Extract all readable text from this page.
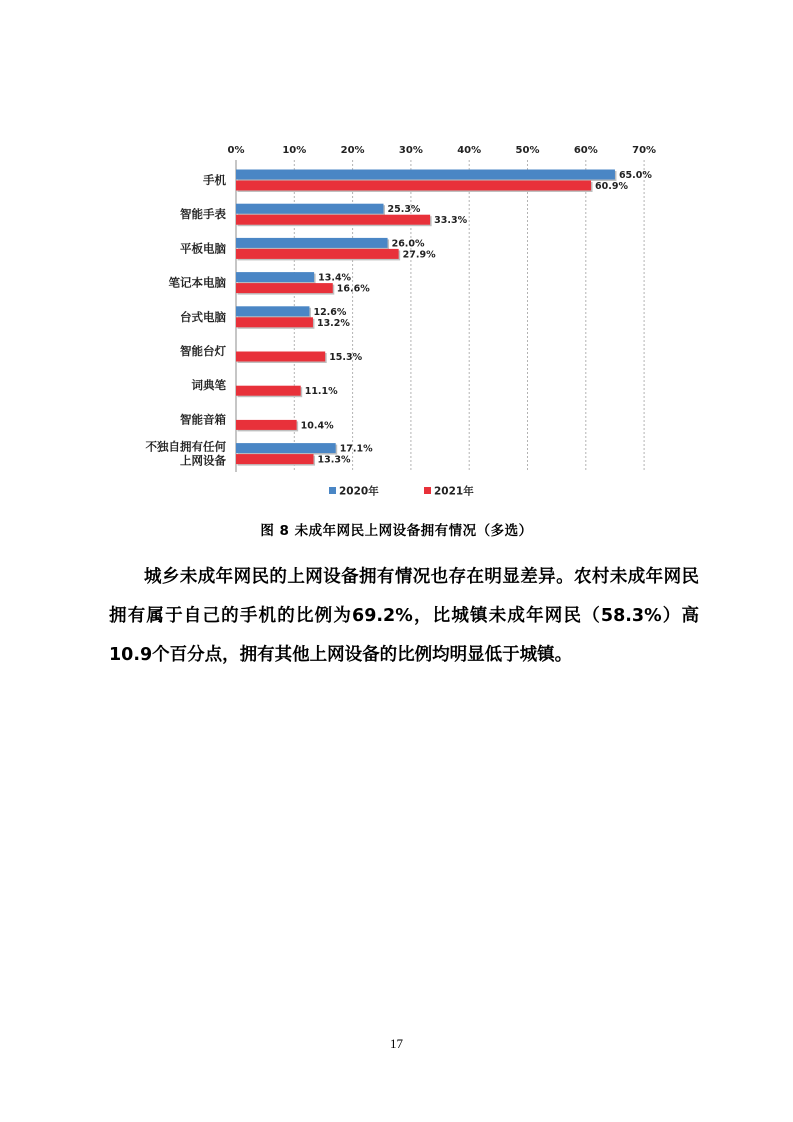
0%	10%	20%	30%	40%	50%	60%	70%
手机
智能手表
平板电脑
笔记本电脑
台式电脑
智能台灯
词典笔
智能音箱
不独自拥有任何
上网设备
65.0%
60.9%
25.3%
33.3%
26.0%
27.9%
13.4%
16.6%
12.6%
13.2%
15.3%
11.1%
10.4%
17.1%
13.3%
2020年	2021年
图 8 未成年网民上网设备拥有情况（多选）

城乡未成年网民的上网设备拥有情况也存在明显差异。农村未成年网民拥有属于自己的手机的比例为69.2%，比城镇未成年网民（58.3%）高10.9个百分点，拥有其他上网设备的比例均明显低于城镇。

17
